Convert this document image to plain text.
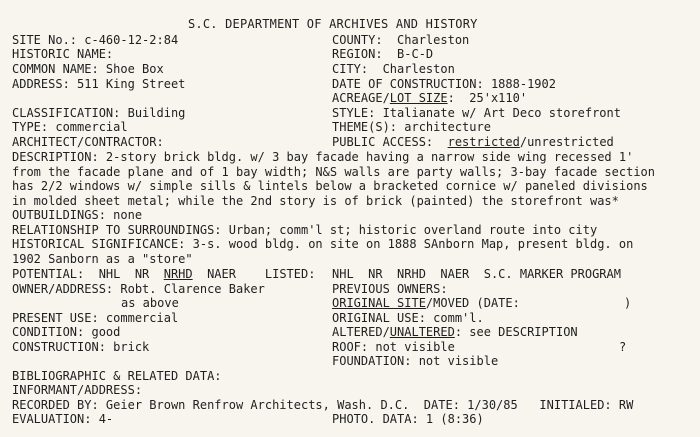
S.C. DEPARTMENT OF ARCHIVES AND HISTORY
SITE No.: c-460-12-2:84
HISTORIC NAME:
COMMON NAME: Shoe Box
ADDRESS: 511 King Street
CLASSIFICATION: Building
TYPE: commercial
ARCHITECT/CONTRACTOR:
COUNTY:  Charleston
REGION:  B-C-D
CITY:  Charleston
DATE OF CONSTRUCTION: 1888-1902
ACREAGE/LOT SIZE:  25'x110'
STYLE: Italianate w/ Art Deco storefront
THEME(S): architecture
PUBLIC ACCESS:  restricted/unrestricted
DESCRIPTION: 2-story brick bldg. w/ 3 bay facade having a narrow side wing recessed 1'
from the facade plane and of 1 bay width; N&S walls are party walls; 3-bay facade section
has 2/2 windows w/ simple sills & lintels below a bracketed cornice w/ paneled divisions
in molded sheet metal; while the 2nd story is of brick (painted) the storefront was*
OUTBUILDINGS: none
RELATIONSHIP TO SURROUNDINGS: Urban; comm'l st; historic overland route into city
HISTORICAL SIGNIFICANCE: 3-s. wood bldg. on site on 1888 SAnborn Map, present bldg. on
1902 Sanborn as a "store"
POTENTIAL:  NHL  NR  NRHD  NAER    LISTED: NHL  NR  NRHD  NAER  S.C. MARKER PROGRAM
OWNER/ADDRESS: Robt. Clarence Baker
as above
PREVIOUS OWNERS:
ORIGINAL SITE/MOVED (DATE:	)
PRESENT USE: commercial	ORIGINAL USE: comm'l.
CONDITION: good	ALTERED/UNALTERED: see DESCRIPTION
CONSTRUCTION: brick	ROOF: not visible	?
FOUNDATION: not visible
BIBLIOGRAPHIC & RELATED DATA:
INFORMANT/ADDRESS:
RECORDED BY: Geier Brown Renfrow Architects, Wash. D.C.  DATE: 1/30/85   INITIALED: RW
EVALUATION: 4-	PHOTO. DATA: 1 (8:36)
